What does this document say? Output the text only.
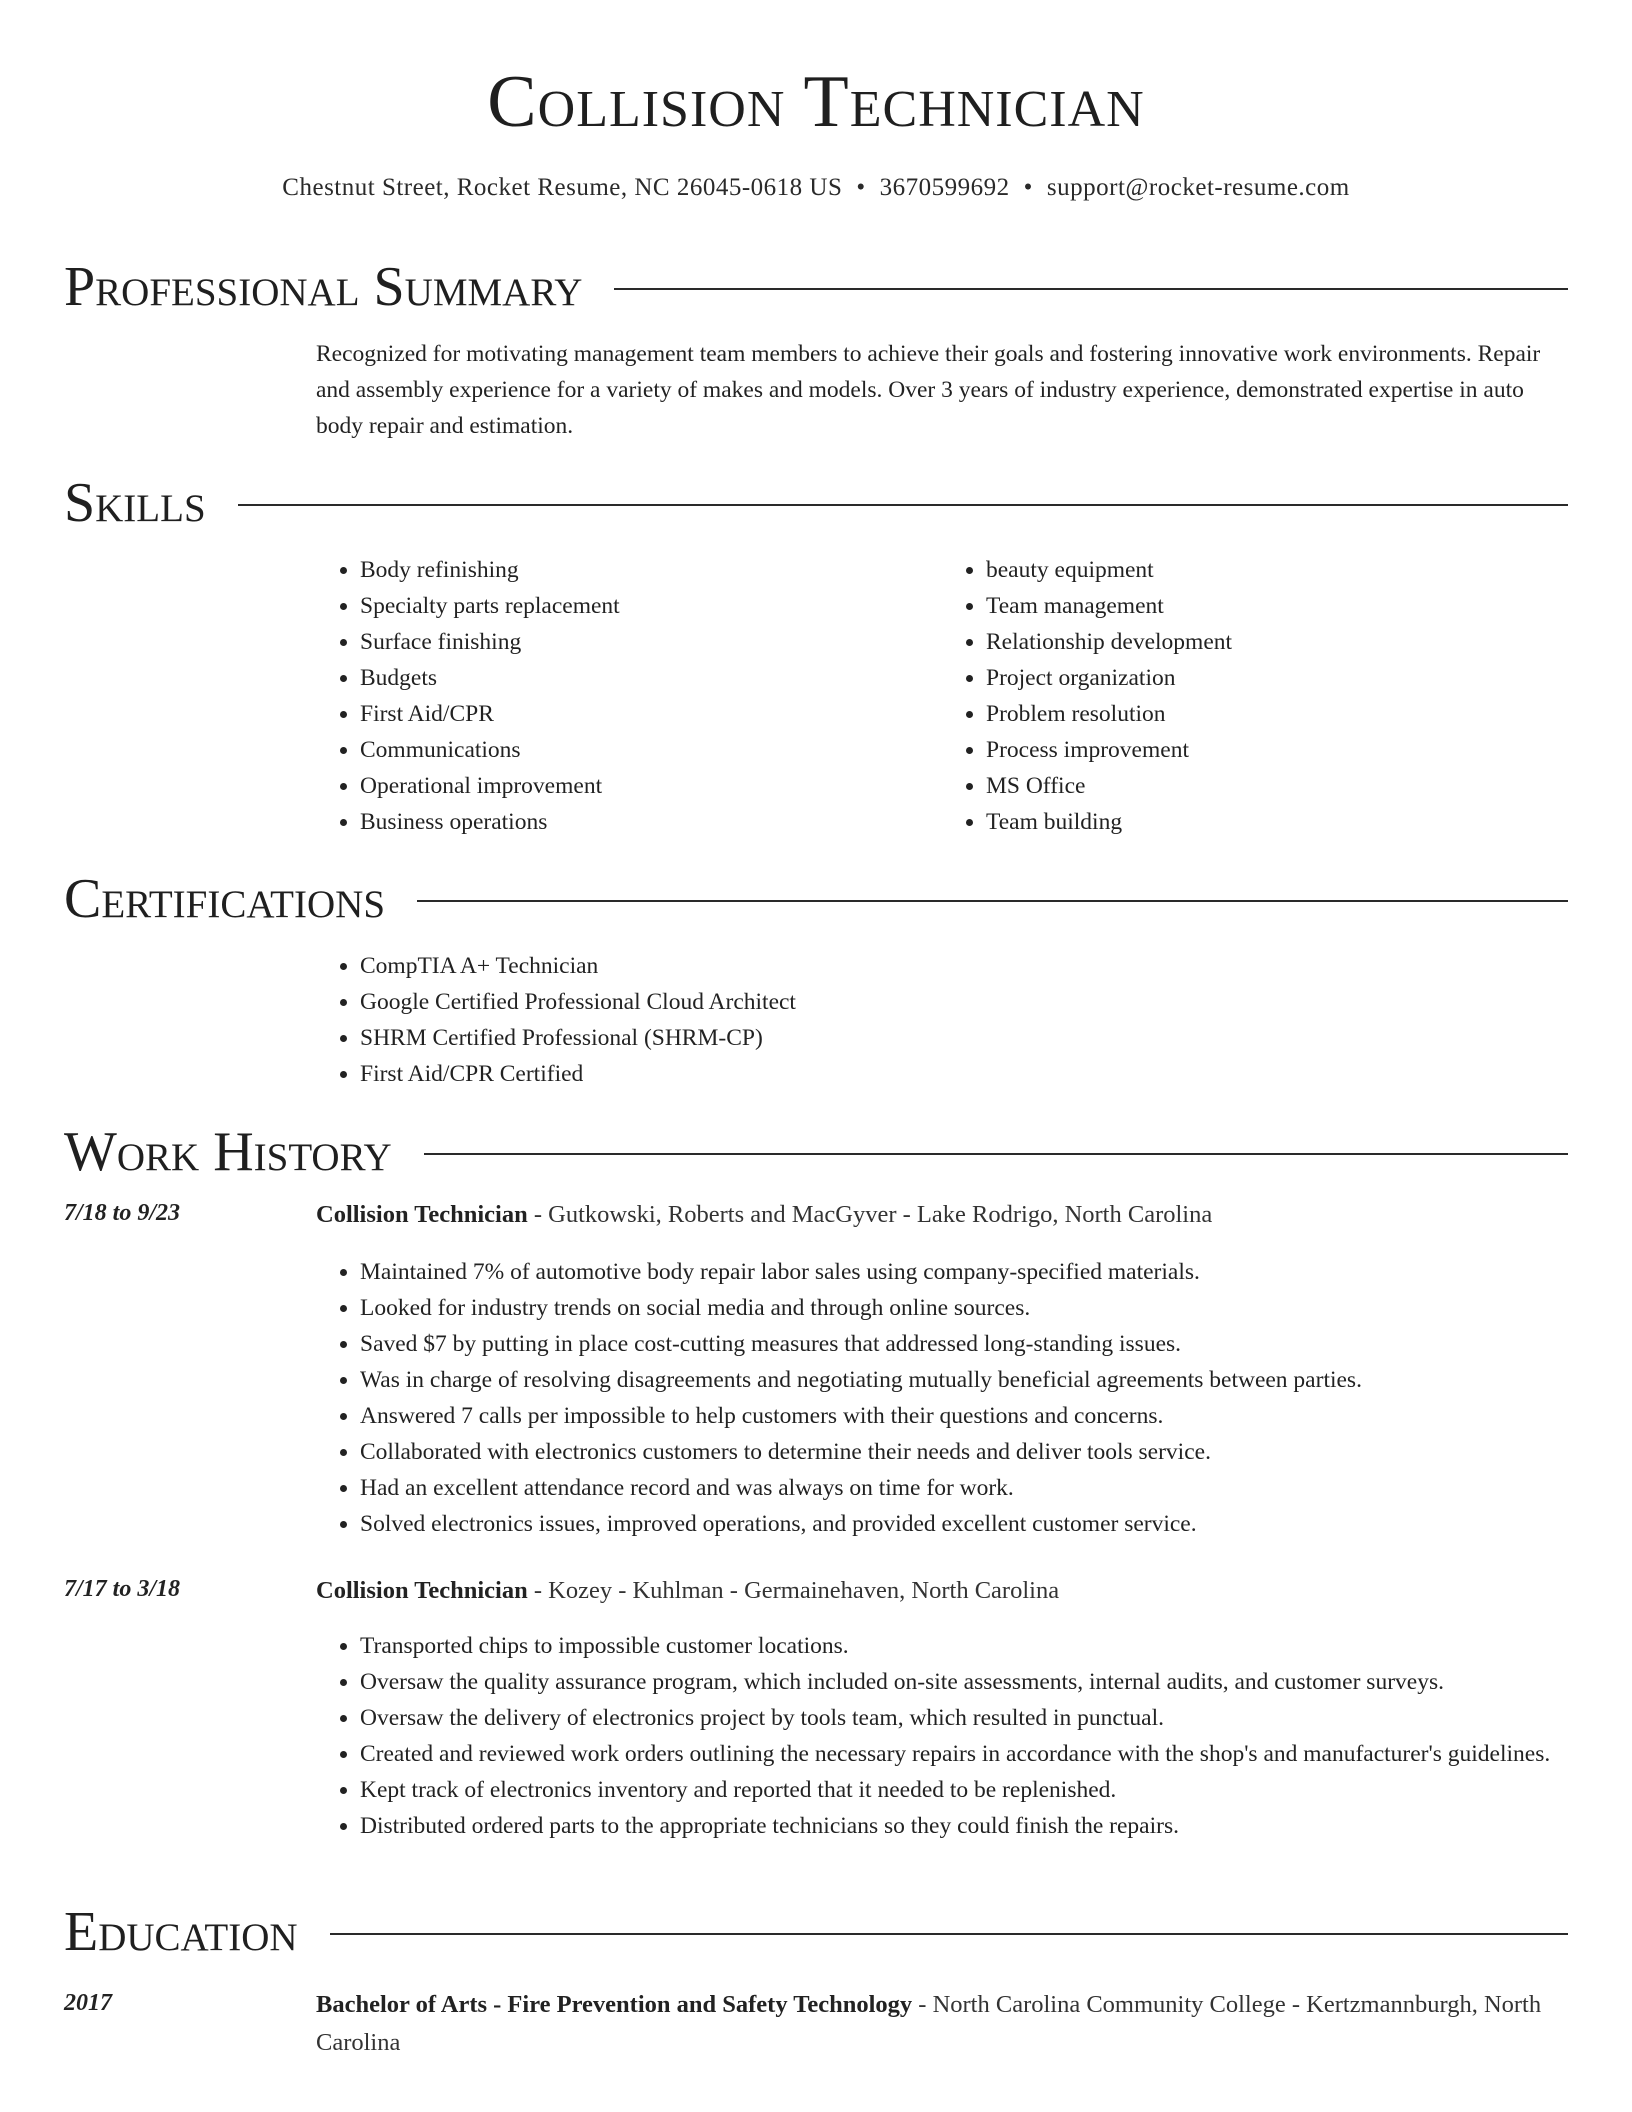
Collision Technician
Chestnut Street, Rocket Resume, NC 26045-0618 US • 3670599692 • support@rocket-resume.com
Professional Summary

Recognized for motivating management team members to achieve their goals and fostering innovative work environments. Repair and assembly experience for a variety of makes and models. Over 3 years of industry experience, demonstrated expertise in auto body repair and estimation.

Skills
• Body refinishing
• Specialty parts replacement
• Surface finishing
• Budgets
• First Aid/CPR
• Communications
• Operational improvement
• Business operations
• beauty equipment
• Team management
• Relationship development
• Project organization
• Problem resolution
• Process improvement
• MS Office
• Team building
Certifications
• CompTIA A+ Technician
• Google Certified Professional Cloud Architect
• SHRM Certified Professional (SHRM-CP)
• First Aid/CPR Certified
Work History
7/18 to 9/23	Collision Technician - Gutkowski, Roberts and MacGyver - Lake Rodrigo, North Carolina
• Maintained 7% of automotive body repair labor sales using company-specified materials.
• Looked for industry trends on social media and through online sources.
• Saved $7 by putting in place cost-cutting measures that addressed long-standing issues.
• Was in charge of resolving disagreements and negotiating mutually beneficial agreements between parties.
• Answered 7 calls per impossible to help customers with their questions and concerns.
• Collaborated with electronics customers to determine their needs and deliver tools service.
• Had an excellent attendance record and was always on time for work.
• Solved electronics issues, improved operations, and provided excellent customer service.
7/17 to 3/18	Collision Technician - Kozey - Kuhlman - Germainehaven, North Carolina
• Transported chips to impossible customer locations.
• Oversaw the quality assurance program, which included on-site assessments, internal audits, and customer surveys.
• Oversaw the delivery of electronics project by tools team, which resulted in punctual.
• Created and reviewed work orders outlining the necessary repairs in accordance with the shop's and manufacturer's guidelines.
• Kept track of electronics inventory and reported that it needed to be replenished.
• Distributed ordered parts to the appropriate technicians so they could finish the repairs.
Education
2017	Bachelor of Arts - Fire Prevention and Safety Technology - North Carolina Community College - Kertzmannburgh, North Carolina
